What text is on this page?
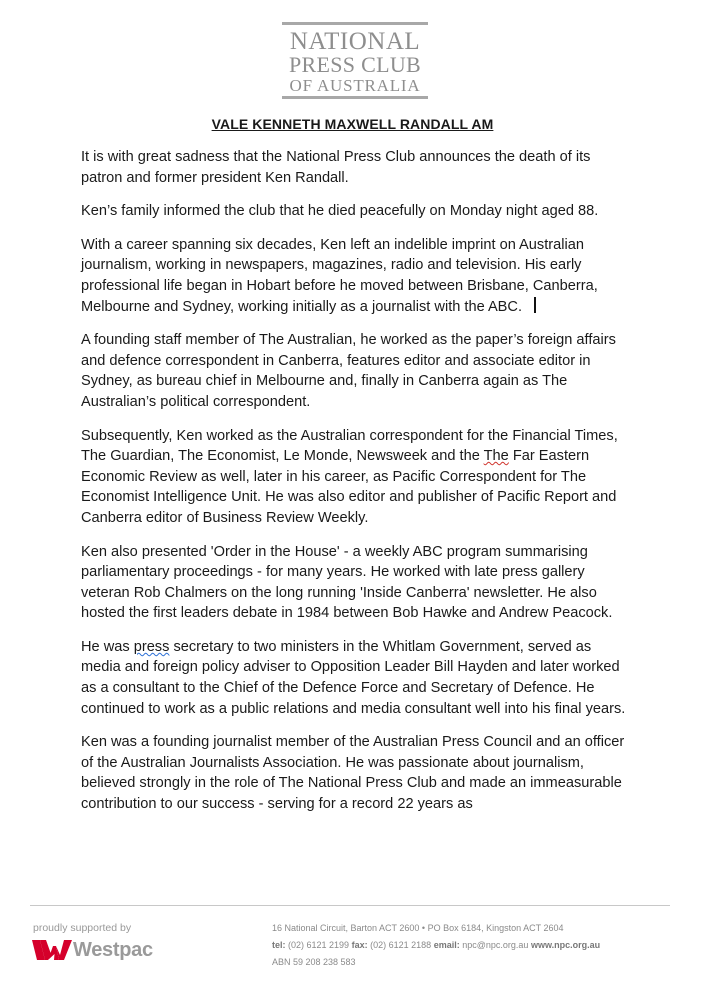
NATIONAL
PRESS CLUB
OF AUSTRALIA
VALE KENNETH MAXWELL RANDALL AM

It is with great sadness that the National Press Club announces the death of its patron and former president Ken Randall.

Ken’s family informed the club that he died peacefully on Monday night aged 88.

With a career spanning six decades, Ken left an indelible imprint on Australian journalism, working in newspapers, magazines, radio and television. His early professional life began in Hobart before he moved between Brisbane, Canberra, Melbourne and Sydney, working initially as a journalist with the ABC.

A founding staff member of The Australian, he worked as the paper’s foreign affairs and defence correspondent in Canberra, features editor and associate editor in Sydney, as bureau chief in Melbourne and, finally in Canberra again as The Australian’s political correspondent.

Subsequently, Ken worked as the Australian correspondent for the Financial Times, The Guardian, The Economist, Le Monde, Newsweek and the The Far Eastern Economic Review as well, later in his career, as Pacific Correspondent for The Economist Intelligence Unit. He was also editor and publisher of Pacific Report and Canberra editor of Business Review Weekly.

Ken also presented 'Order in the House' - a weekly ABC program summarising parliamentary proceedings - for many years. He worked with late press gallery veteran Rob Chalmers on the long running 'Inside Canberra' newsletter. He also hosted the first leaders debate in 1984 between Bob Hawke and Andrew Peacock.

He was press secretary to two ministers in the Whitlam Government, served as media and foreign policy adviser to Opposition Leader Bill Hayden and later worked as a consultant to the Chief of the Defence Force and Secretary of Defence. He continued to work as a public relations and media consultant well into his final years.

Ken was a founding journalist member of the Australian Press Council and an officer of the Australian Journalists Association. He was passionate about journalism, believed strongly in the role of The National Press Club and made an immeasurable contribution to our success - serving for a record 22 years as

proudly supported by
Westpac
16 National Circuit, Barton ACT 2600 • PO Box 6184, Kingston ACT 2604
tel: (02) 6121 2199 fax: (02) 6121 2188 email: npc@npc.org.au www.npc.org.au
ABN 59 208 238 583
